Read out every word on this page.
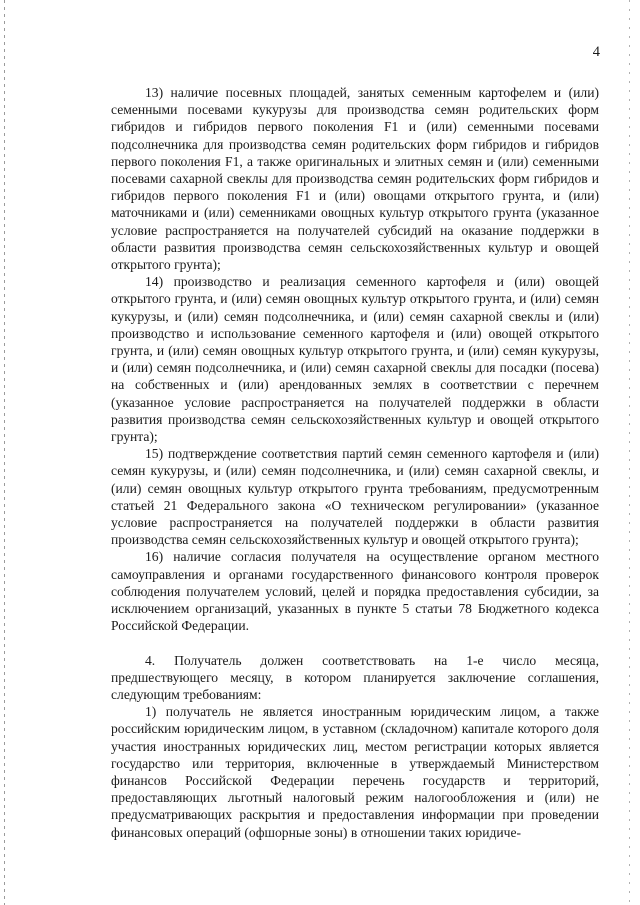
4

13) наличие посевных площадей, занятых семенным картофелем и (или) семенными посевами кукурузы для производства семян родительских форм гибридов и гибридов первого поколения F1 и (или) семенными посевами подсолнечника для производства семян родительских форм гибридов и гибридов первого поколения F1, а также оригинальных и элитных семян и (или) семенными посевами сахарной свеклы для производства семян родительских форм гибридов и гибридов первого поколения F1 и (или) овощами открытого грунта, и (или) маточниками и (или) семенниками овощных культур открытого грунта (указанное условие распространяется на получателей субсидий на оказание поддержки в области развития производства семян сельскохозяйственных культур и овощей открытого грунта);

14) производство и реализация семенного картофеля и (или) овощей открытого грунта, и (или) семян овощных культур открытого грунта, и (или) семян кукурузы, и (или) семян подсолнечника, и (или) семян сахарной свеклы и (или) производство и использование семенного картофеля и (или) овощей открытого грунта, и (или) семян овощных культур открытого грунта, и (или) семян кукурузы, и (или) семян подсолнечника, и (или) семян сахарной свеклы для посадки (посева) на собственных и (или) арендованных землях в соответствии с перечнем (указанное условие распространяется на получателей поддержки в области развития производства семян сельскохозяйственных культур и овощей открытого грунта);

15) подтверждение соответствия партий семян семенного картофеля и (или) семян кукурузы, и (или) семян подсолнечника, и (или) семян сахарной свеклы, и (или) семян овощных культур открытого грунта требованиям, предусмотренным статьей 21 Федерального закона «О техническом регулировании» (указанное условие распространяется на получателей поддержки в области развития производства семян сельскохозяйственных культур и овощей открытого грунта);

16) наличие согласия получателя на осуществление органом местного самоуправления и органами государственного финансового контроля проверок соблюдения получателем условий, целей и порядка предоставления субсидии, за исключением организаций, указанных в пункте 5 статьи 78 Бюджетного кодекса Российской Федерации.

4. Получатель должен соответствовать на 1-е число месяца, предшествующего месяцу, в котором планируется заключение соглашения, следующим требованиям:

1) получатель не является иностранным юридическим лицом, а также российским юридическим лицом, в уставном (складочном) капитале которого доля участия иностранных юридических лиц, местом регистрации которых является государство или территория, включенные в утверждаемый Министерством финансов Российской Федерации перечень государств и территорий, предоставляющих льготный налоговый режим налогообложения и (или) не предусматривающих раскрытия и предоставления информации при проведении финансовых операций (офшорные зоны) в отношении таких юридиче-
